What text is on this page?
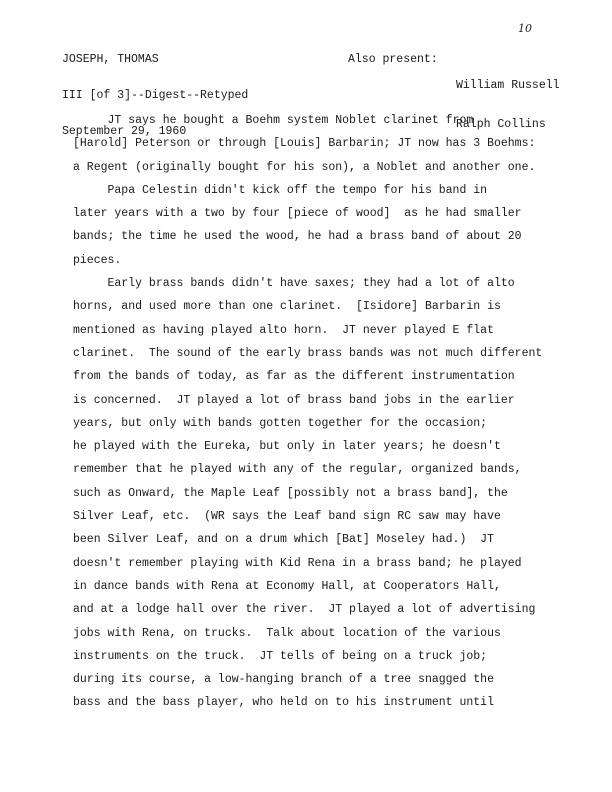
JOSEPH, THOMAS

III [of 3]--Digest--Retyped

September 29, 1960

10

Also present:

William Russell

Ralph Collins

JT says he bought a Boehm system Noblet clarinet from
[Harold] Peterson or through [Louis] Barbarin; JT now has 3 Boehms:
a Regent (originally bought for his son), a Noblet and another one.
Papa Celestin didn't kick off the tempo for his band in
later years with a two by four [piece of wood]  as he had smaller
bands; the time he used the wood, he had a brass band of about 20
pieces.
Early brass bands didn't have saxes; they had a lot of alto
horns, and used more than one clarinet.  [Isidore] Barbarin is
mentioned as having played alto horn.  JT never played E flat
clarinet.  The sound of the early brass bands was not much different
from the bands of today, as far as the different instrumentation
is concerned.  JT played a lot of brass band jobs in the earlier
years, but only with bands gotten together for the occasion;
he played with the Eureka, but only in later years; he doesn't
remember that he played with any of the regular, organized bands,
such as Onward, the Maple Leaf [possibly not a brass band], the
Silver Leaf, etc.  (WR says the Leaf band sign RC saw may have
been Silver Leaf, and on a drum which [Bat] Moseley had.)  JT
doesn't remember playing with Kid Rena in a brass band; he played
in dance bands with Rena at Economy Hall, at Cooperators Hall,
and at a lodge hall over the river.  JT played a lot of advertising
jobs with Rena, on trucks.  Talk about location of the various
instruments on the truck.  JT tells of being on a truck job;
during its course, a low-hanging branch of a tree snagged the
bass and the bass player, who held on to his instrument until
